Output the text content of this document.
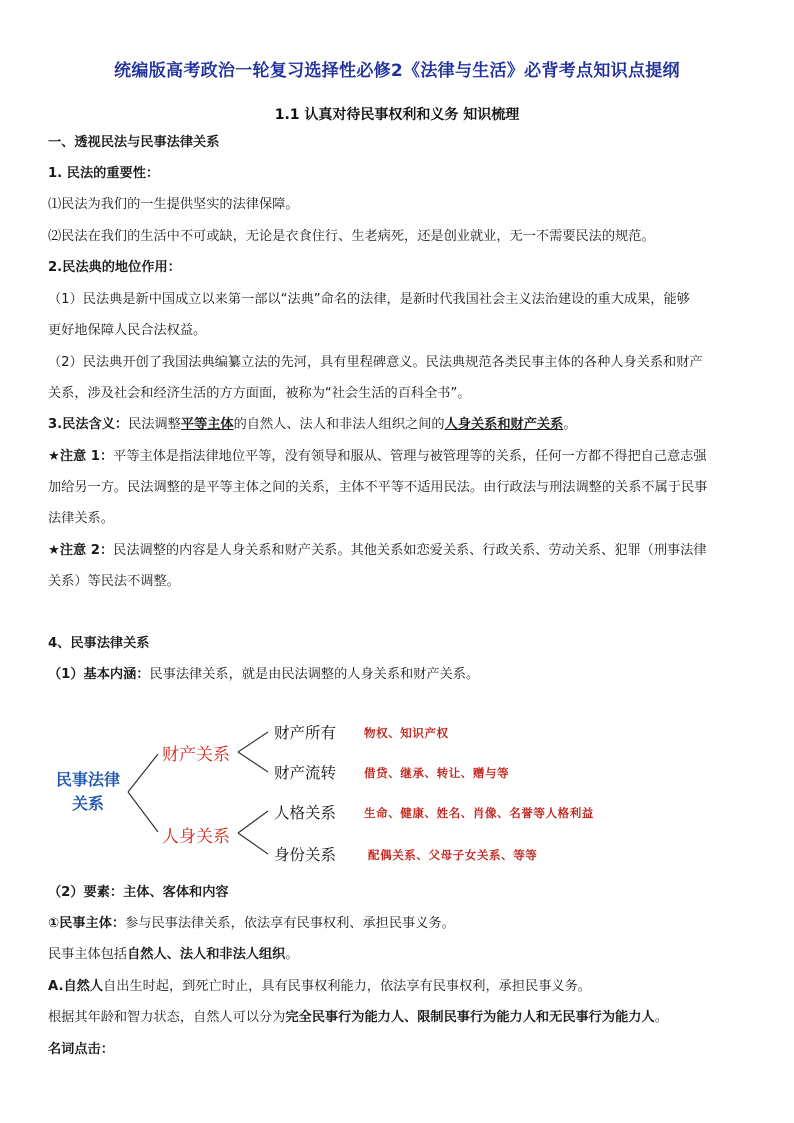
统编版高考政治一轮复习选择性必修2《法律与生活》必背考点知识点提纲
1.1 认真对待民事权利和义务 知识梳理
一、透视民法与民事法律关系
1. 民法的重要性：
⑴民法为我们的一生提供坚实的法律保障。
⑵民法在我们的生活中不可或缺，无论是衣食住行、生老病死，还是创业就业，无一不需要民法的规范。
2.民法典的地位作用：
（1）民法典是新中国成立以来第一部以“法典”命名的法律，是新时代我国社会主义法治建设的重大成果，能够
更好地保障人民合法权益。
（2）民法典开创了我国法典编纂立法的先河，具有里程碑意义。民法典规范各类民事主体的各种人身关系和财产
关系，涉及社会和经济生活的方方面面，被称为“社会生活的百科全书”。
3.民法含义：民法调整平等主体的自然人、法人和非法人组织之间的人身关系和财产关系。
★注意 1：平等主体是指法律地位平等，没有领导和服从、管理与被管理等的关系，任何一方都不得把自己意志强
加给另一方。民法调整的是平等主体之间的关系，主体不平等不适用民法。由行政法与刑法调整的关系不属于民事
法律关系。
★注意 2：民法调整的内容是人身关系和财产关系。其他关系如恋爱关系、行政关系、劳动关系、犯罪（刑事法律
关系）等民法不调整。
4、民事法律关系
（1）基本内涵：民事法律关系，就是由民法调整的人身关系和财产关系。
民事法律
关系
财产关系
人身关系
财产所有
财产流转
人格关系
身份关系
物权、知识产权
借贷、继承、转让、赠与等
生命、健康、姓名、肖像、名誉等人格利益
配偶关系、父母子女关系、等等
（2）要素：主体、客体和内容
①民事主体：参与民事法律关系，依法享有民事权利、承担民事义务。
民事主体包括自然人、法人和非法人组织。
A.自然人自出生时起，到死亡时止，具有民事权利能力，依法享有民事权利，承担民事义务。
根据其年龄和智力状态，自然人可以分为完全民事行为能力人、限制民事行为能力人和无民事行为能力人。
名词点击：
